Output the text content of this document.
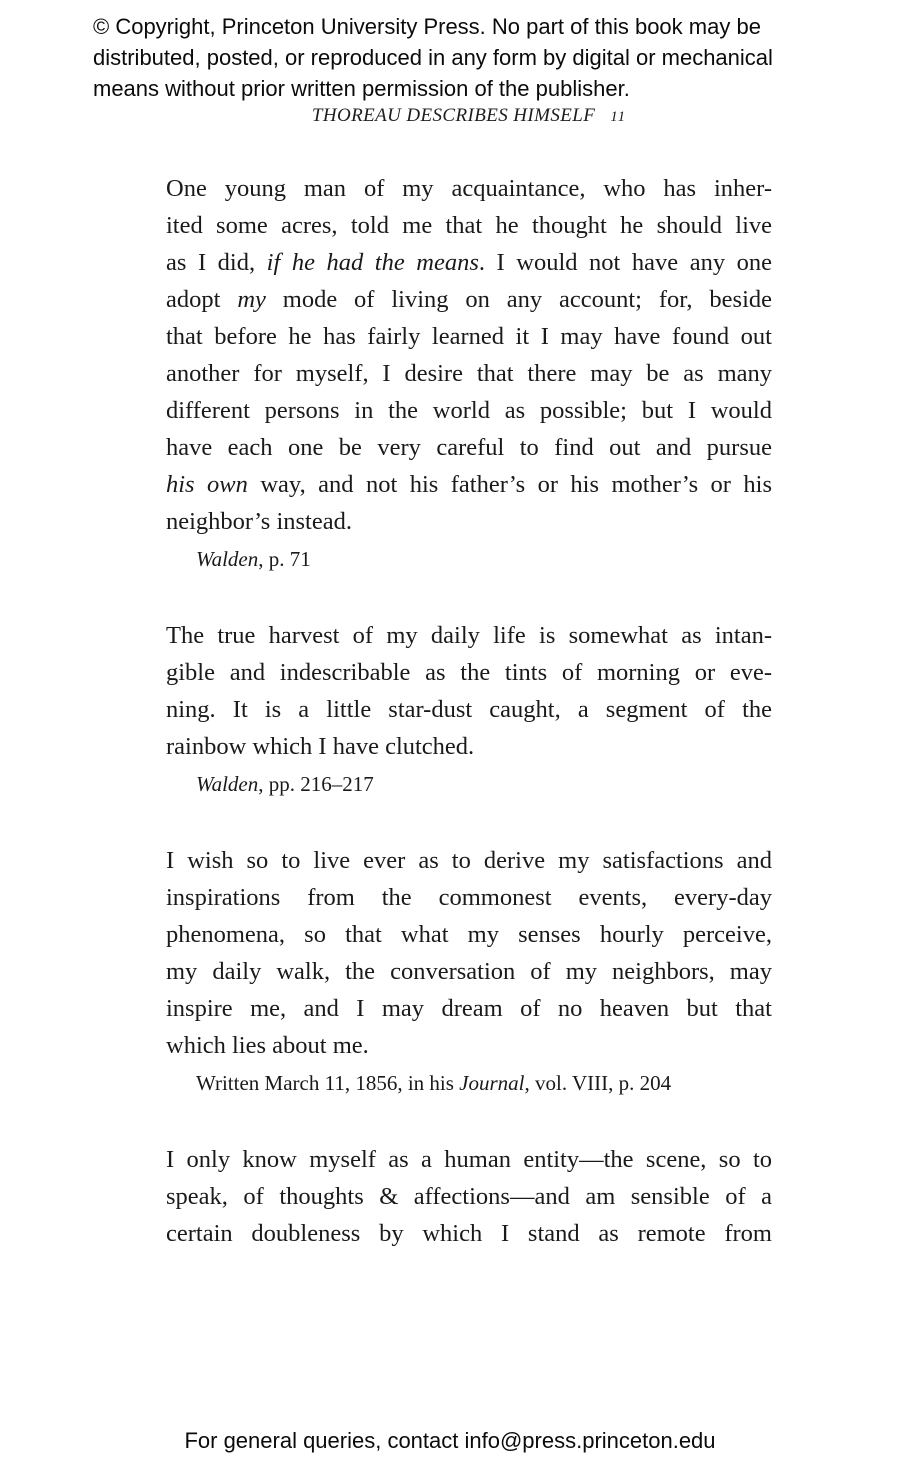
© Copyright, Princeton University Press. No part of this book may be
distributed, posted, or reproduced in any form by digital or mechanical
means without prior written permission of the publisher.
THOREAU DESCRIBES HIMSELF 11
One young man of my acquaintance, who has inher-
ited some acres, told me that he thought he should live
as I did, if he had the means. I would not have any one
adopt my mode of living on any account; for, beside
that before he has fairly learned it I may have found out
another for myself, I desire that there may be as many
different persons in the world as possible; but I would
have each one be very careful to find out and pursue
his own way, and not his father’s or his mother’s or his
neighbor’s instead.
Walden, p. 71
The true harvest of my daily life is somewhat as intan-
gible and indescribable as the tints of morning or eve-
ning. It is a little star-dust caught, a segment of the
rainbow which I have clutched.
Walden, pp. 216–217
I wish so to live ever as to derive my satisfactions and
inspirations from the commonest events, every-day
phenomena, so that what my senses hourly perceive,
my daily walk, the conversation of my neighbors, may
inspire me, and I may dream of no heaven but that
which lies about me.
Written March 11, 1856, in his Journal, vol. VIII, p. 204
I only know myself as a human entity—the scene, so to
speak, of thoughts & affections—and am sensible of a
certain doubleness by which I stand as remote from
For general queries, contact info@press.princeton.edu
